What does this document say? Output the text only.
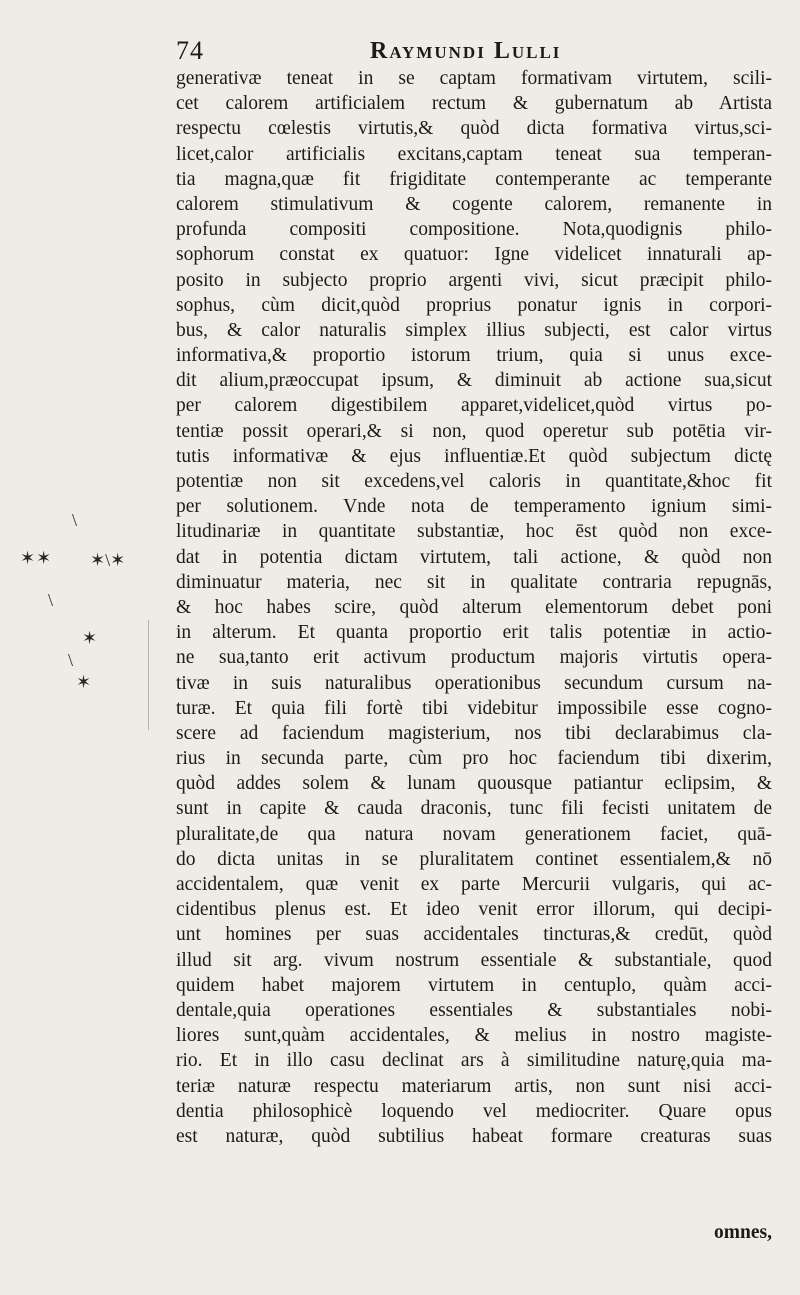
74	Raymundi Lulli
\
✶✶ ✶\✶
\
✶
\
✶
generativæ teneat in se captam formativam virtutem, scili-
cet calorem artificialem rectum & gubernatum ab Artista
respectu cœlestis virtutis,& quòd dicta formativa virtus,sci-
licet,calor artificialis excitans,captam teneat sua temperan-
tia magna,quæ fit frigiditate contemperante ac temperante
calorem stimulativum & cogente calorem, remanente in
profunda compositi compositione. Nota,quodignis philo-
sophorum constat ex quatuor: Igne videlicet innaturali ap-
posito in subjecto proprio argenti vivi, sicut præcipit philo-
sophus, cùm dicit,quòd proprius ponatur ignis in corpori-
bus, & calor naturalis simplex illius subjecti, est calor virtus
informativa,& proportio istorum trium, quia si unus exce-
dit alium,præoccupat ipsum, & diminuit ab actione sua,sicut
per calorem digestibilem apparet,videlicet,quòd virtus po-
tentiæ possit operari,& si non, quod operetur sub potētia vir-
tutis informativæ & ejus influentiæ.Et quòd subjectum dictę
potentiæ non sit excedens,vel caloris in quantitate,&hoc fit
per solutionem. Vnde nota de temperamento ignium simi-
litudinariæ in quantitate substantiæ, hoc ēst quòd non exce-
dat in potentia dictam virtutem, tali actione, & quòd non
diminuatur materia, nec sit in qualitate contraria repugnās,
& hoc habes scire, quòd alterum elementorum debet poni
in alterum. Et quanta proportio erit talis potentiæ in actio-
ne sua,tanto erit activum productum majoris virtutis opera-
tivæ in suis naturalibus operationibus secundum cursum na-
turæ. Et quia fili fortè tibi videbitur impossibile esse cogno-
scere ad faciendum magisterium, nos tibi declarabimus cla-
rius in secunda parte, cùm pro hoc faciendum tibi dixerim,
quòd addes solem & lunam quousque patiantur eclipsim, &
sunt in capite & cauda draconis, tunc fili fecisti unitatem de
pluralitate,de qua natura novam generationem faciet, quā-
do dicta unitas in se pluralitatem continet essentialem,& nō
accidentalem, quæ venit ex parte Mercurii vulgaris, qui ac-
cidentibus plenus est. Et ideo venit error illorum, qui decipi-
unt homines per suas accidentales tincturas,& credūt, quòd
illud sit arg. vivum nostrum essentiale & substantiale, quod
quidem habet majorem virtutem in centuplo, quàm acci-
dentale,quia operationes essentiales & substantiales nobi-
liores sunt,quàm accidentales, & melius in nostro magiste-
rio. Et in illo casu declinat ars à similitudine naturę,quia ma-
teriæ naturæ respectu materiarum artis, non sunt nisi acci-
dentia philosophicè loquendo vel mediocriter. Quare opus
est naturæ, quòd subtilius habeat formare creaturas suas
omnes,
